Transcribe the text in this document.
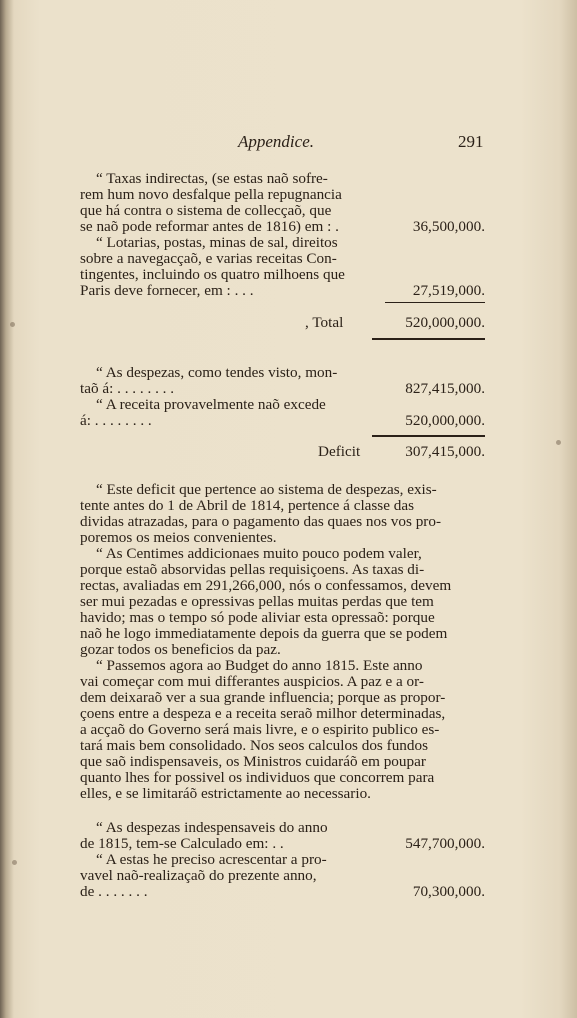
Appendice.	291
“ Taxas indirectas, (se estas naõ sofre-
rem hum novo desfalque pella repugnancia
que há contra o sistema de collecçaõ, que
se naõ pode reformar antes de 1816) em : .	36,500,000.
“ Lotarias, postas, minas de sal, direitos
sobre a navegacçaõ, e varias receitas Con-
tingentes, incluindo os quatro milhoens que
Paris deve fornecer, em : . . .	27,519,000.
, Total	520,000,000.
“ As despezas, como tendes visto, mon-
taõ á: . . . . . . . .	827,415,000.
“ A receita provavelmente naõ excede
á: . . . . . . . .	520,000,000.
Deficit	307,415,000.
“ Este deficit que pertence ao sistema de despezas, exis-
tente antes do 1 de Abril de 1814, pertence á classe das
dividas atrazadas, para o pagamento das quaes nos vos pro-
poremos os meios convenientes.
“ As Centimes addicionaes muito pouco podem valer,
porque estaõ absorvidas pellas requisiçoens. As taxas di-
rectas, avaliadas em 291,266,000, nós o confessamos, devem
ser mui pezadas e opressivas pellas muitas perdas que tem
havido; mas o tempo só pode aliviar esta opressaõ: porque
naõ he logo immediatamente depois da guerra que se podem
gozar todos os beneficios da paz.
“ Passemos agora ao Budget do anno 1815. Este anno
vai começar com mui differantes auspicios. A paz e a or-
dem deixaraõ ver a sua grande influencia; porque as propor-
çoens entre a despeza e a receita seraõ milhor determinadas,
a acçaõ do Governo será mais livre, e o espirito publico es-
tará mais bem consolidado. Nos seos calculos dos fundos
que saõ indispensaveis, os Ministros cuidaráõ em poupar
quanto lhes for possivel os individuos que concorrem para
elles, e se limitaráõ estrictamente ao necessario.
“ As despezas indespensaveis do anno
de 1815, tem-se Calculado em: . .	547,700,000.
“ A estas he preciso acrescentar a pro-
vavel naõ-realizaçaõ do prezente anno,
de . . . . . . .	70,300,000.
